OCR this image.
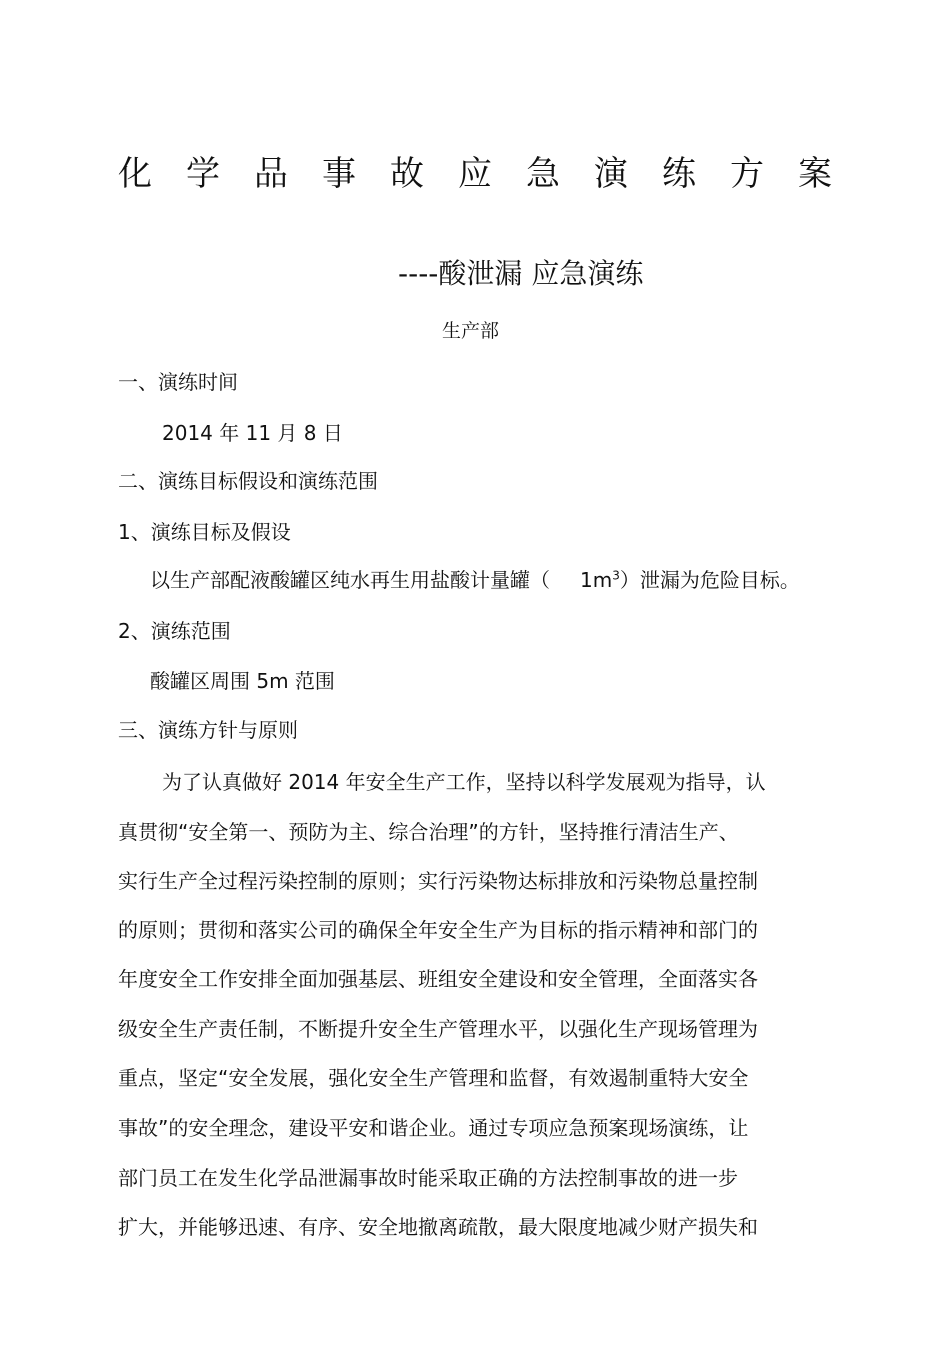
化 学 品 事 故 应 急 演 练 方 案
----酸泄漏 应急演练
生产部
一、演练时间
2014 年 11 月 8 日
二、演练目标假设和演练范围
1、演练目标及假设
以生产部配液酸罐区纯水再生用盐酸计量罐（ $1m^3$）泄漏为危险目标。
2、演练范围
酸罐区周围 5m 范围
三、演练方针与原则
为了认真做好 2014 年安全生产工作，坚持以科学发展观为指导，认
真贯彻“安全第一、预防为主、综合治理”的方针，坚持推行清洁生产、
实行生产全过程污染控制的原则；实行污染物达标排放和污染物总量控制
的原则；贯彻和落实公司的确保全年安全生产为目标的指示精神和部门的
年度安全工作安排全面加强基层、班组安全建设和安全管理，全面落实各
级安全生产责任制，不断提升安全生产管理水平，以强化生产现场管理为
重点，坚定“安全发展，强化安全生产管理和监督，有效遏制重特大安全
事故”的安全理念，建设平安和谐企业。通过专项应急预案现场演练，让
部门员工在发生化学品泄漏事故时能采取正确的方法控制事故的进一步
扩大，并能够迅速、有序、安全地撤离疏散，最大限度地减少财产损失和
